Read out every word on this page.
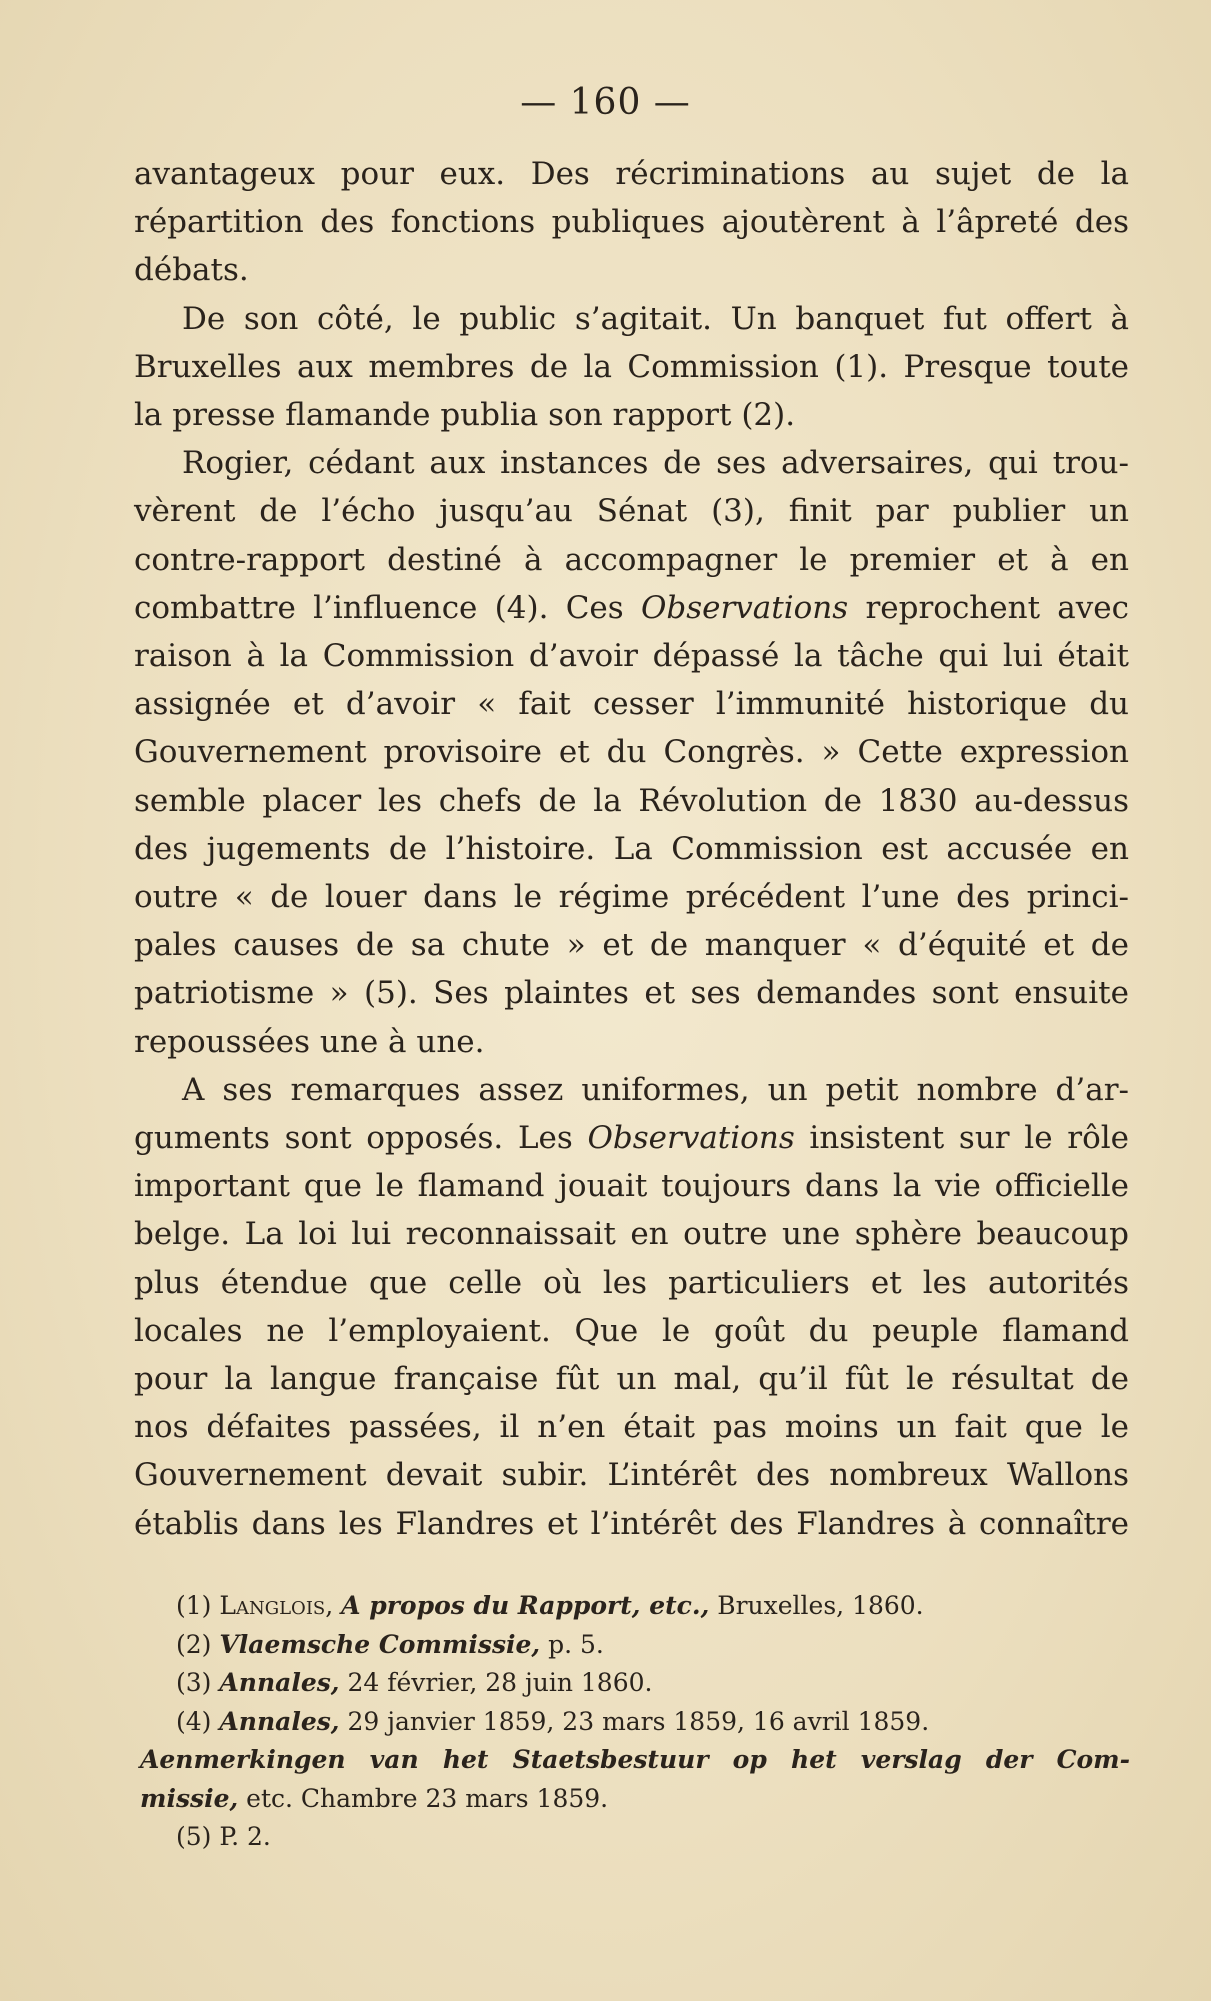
— 160 —
avantageux pour eux. Des récriminations au sujet de la
répartition des fonctions publiques ajoutèrent à l’âpreté des
débats.
De son côté, le public s’agitait. Un banquet fut offert à
Bruxelles aux membres de la Commission (1). Presque toute
la presse flamande publia son rapport (2).
Rogier, cédant aux instances de ses adversaires, qui trou-
vèrent de l’écho jusqu’au Sénat (3), finit par publier un
contre-rapport destiné à accompagner le premier et à en
combattre l’influence (4). Ces Observations reprochent avec
raison à la Commission d’avoir dépassé la tâche qui lui était
assignée et d’avoir « fait cesser l’immunité historique du
Gouvernement provisoire et du Congrès. » Cette expression
semble placer les chefs de la Révolution de 1830 au-dessus
des jugements de l’histoire. La Commission est accusée en
outre « de louer dans le régime précédent l’une des princi-
pales causes de sa chute » et de manquer « d’équité et de
patriotisme » (5). Ses plaintes et ses demandes sont ensuite
repoussées une à une.
A ses remarques assez uniformes, un petit nombre d’ar-
guments sont opposés. Les Observations insistent sur le rôle
important que le flamand jouait toujours dans la vie officielle
belge. La loi lui reconnaissait en outre une sphère beaucoup
plus étendue que celle où les particuliers et les autorités
locales ne l’employaient. Que le goût du peuple flamand
pour la langue française fût un mal, qu’il fût le résultat de
nos défaites passées, il n’en était pas moins un fait que le
Gouvernement devait subir. L’intérêt des nombreux Wallons
établis dans les Flandres et l’intérêt des Flandres à connaître
(1) Langlois, A propos du Rapport, etc., Bruxelles, 1860.
(2) Vlaemsche Commissie, p. 5.
(3) Annales, 24 février, 28 juin 1860.
(4) Annales, 29 janvier 1859, 23 mars 1859, 16 avril 1859.
Aenmerkingen van het Staetsbestuur op het verslag der Com-
missie, etc. Chambre 23 mars 1859.
(5) P. 2.
